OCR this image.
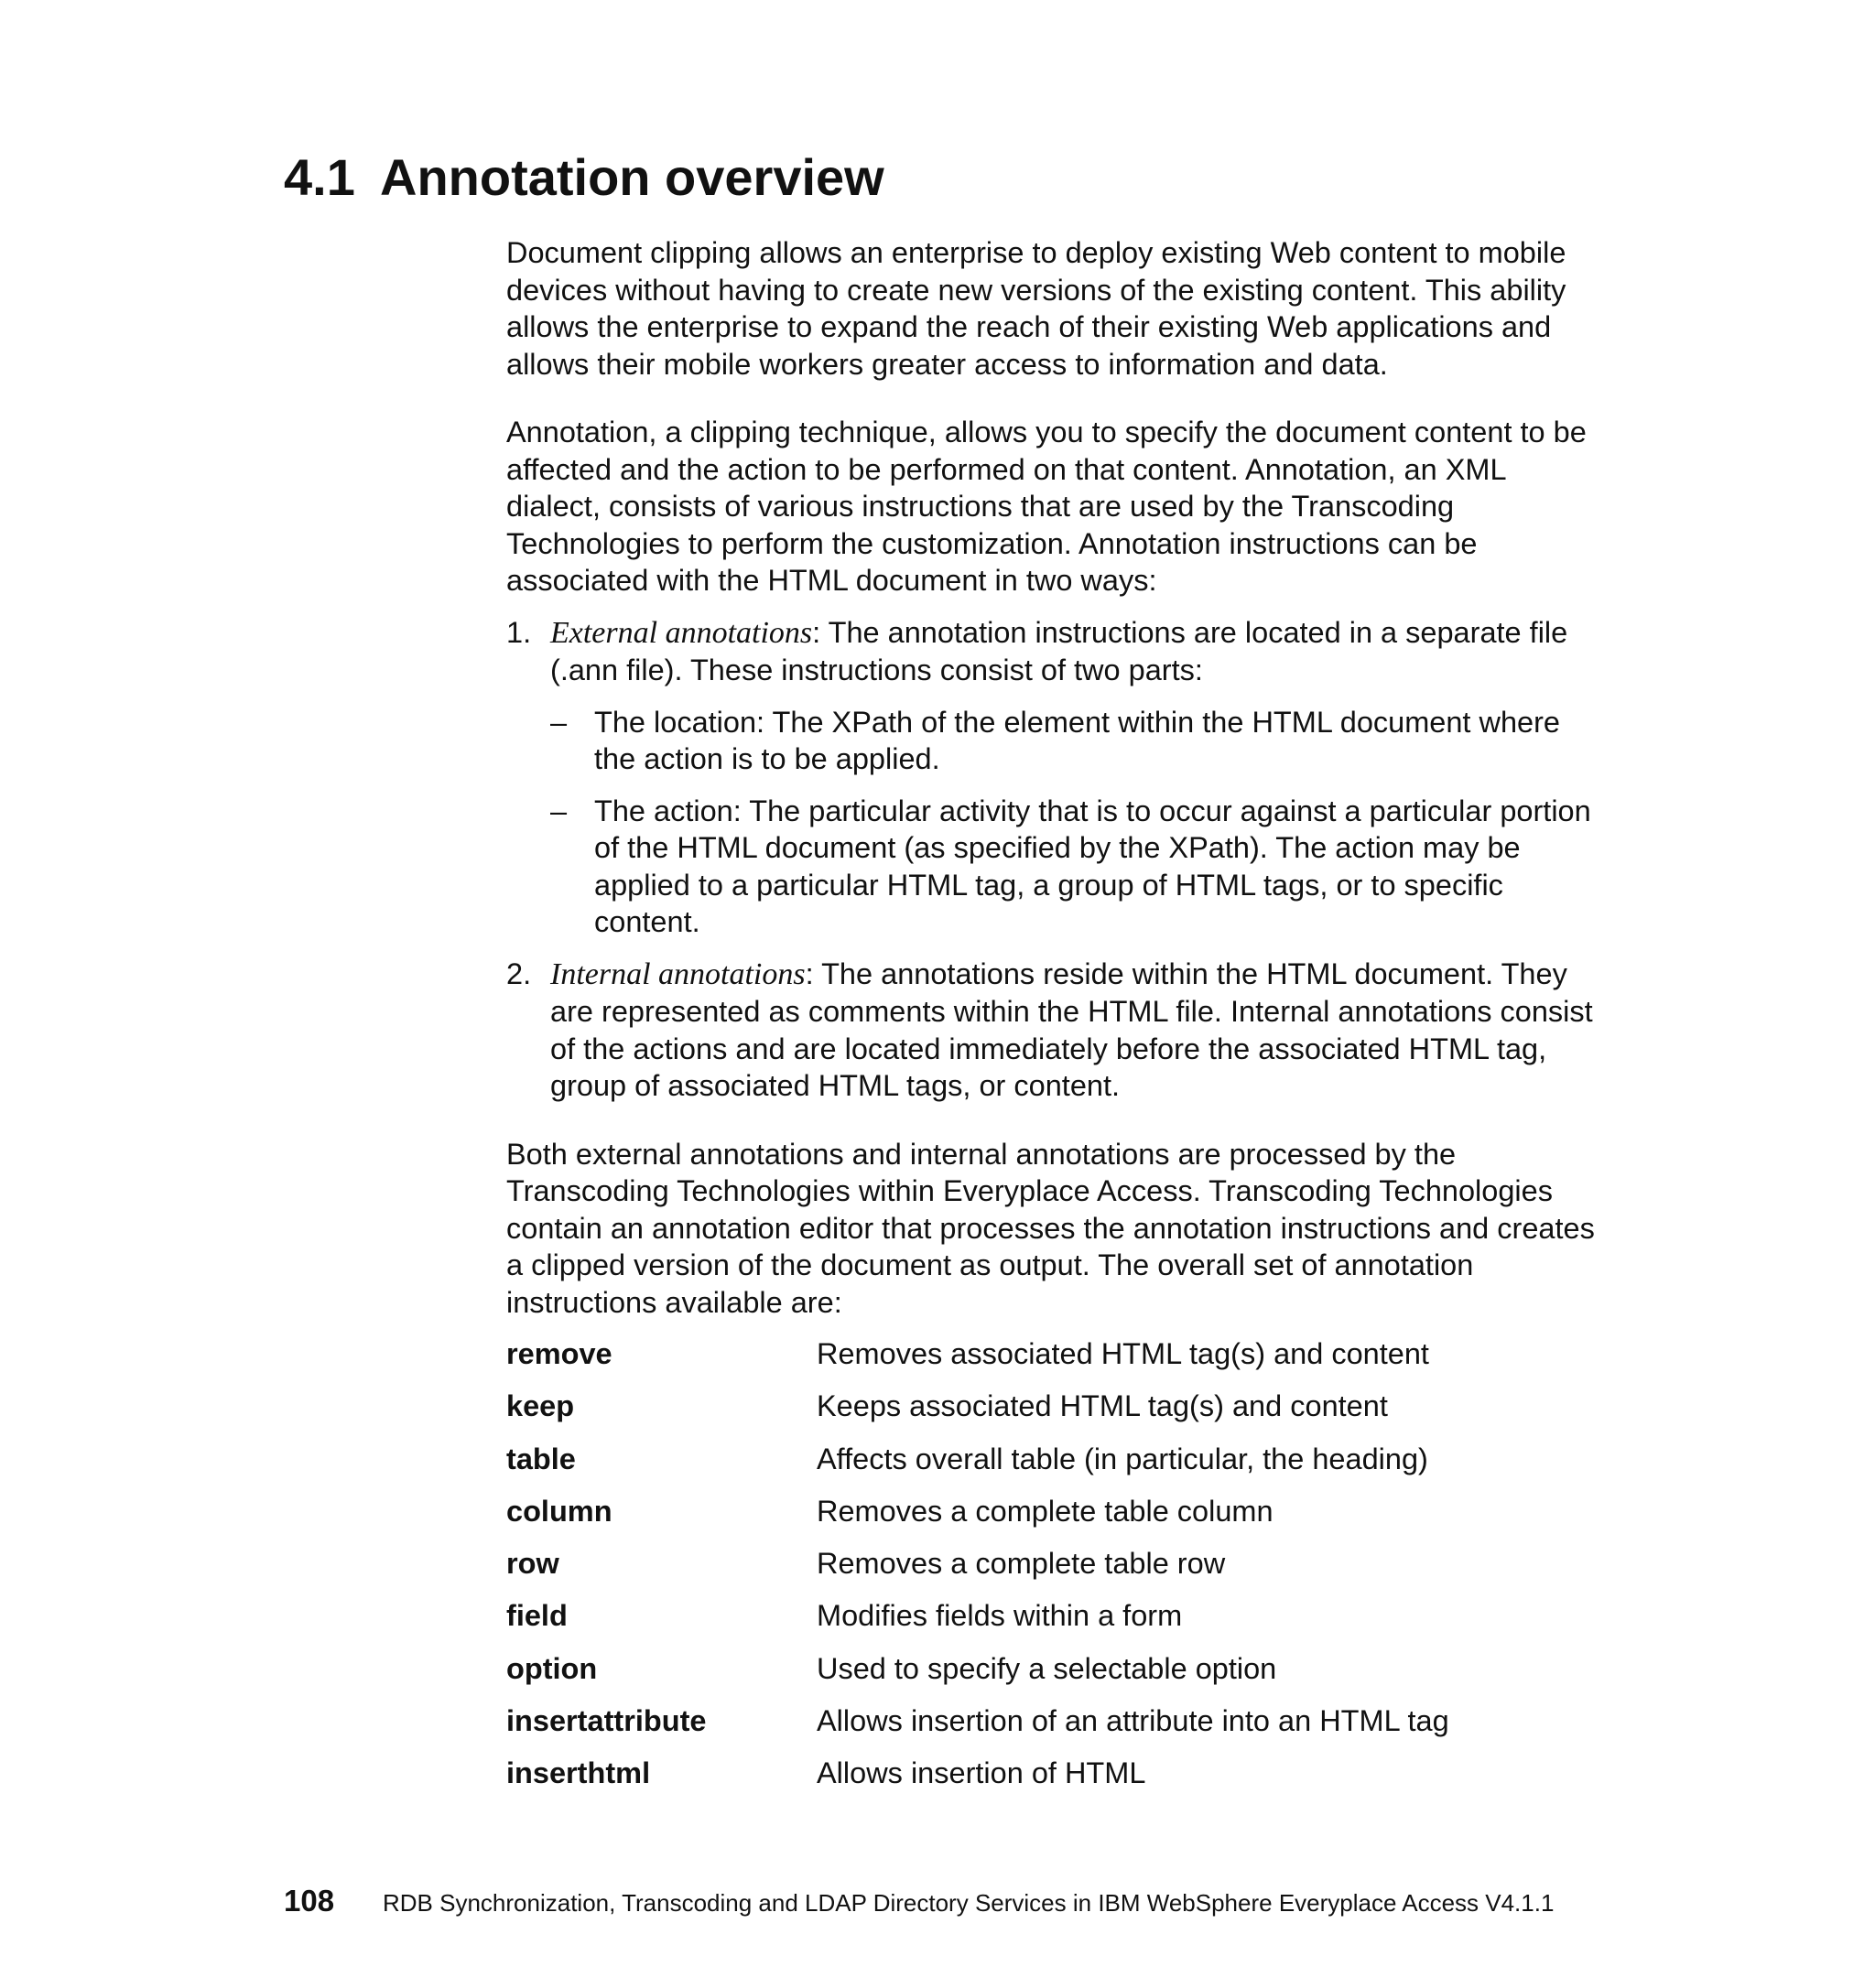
4.1 Annotation overview

Document clipping allows an enterprise to deploy existing Web content to mobile devices without having to create new versions of the existing content. This ability allows the enterprise to expand the reach of their existing Web applications and allows their mobile workers greater access to information and data.

Annotation, a clipping technique, allows you to specify the document content to be affected and the action to be performed on that content. Annotation, an XML dialect, consists of various instructions that are used by the Transcoding Technologies to perform the customization. Annotation instructions can be associated with the HTML document in two ways:

1. External annotations: The annotation instructions are located in a separate file (.ann file). These instructions consist of two parts:
– The location: The XPath of the element within the HTML document where the action is to be applied.
– The action: The particular activity that is to occur against a particular portion of the HTML document (as specified by the XPath). The action may be applied to a particular HTML tag, a group of HTML tags, or to specific content.
2. Internal annotations: The annotations reside within the HTML document. They are represented as comments within the HTML file. Internal annotations consist of the actions and are located immediately before the associated HTML tag, group of associated HTML tags, or content.

Both external annotations and internal annotations are processed by the Transcoding Technologies within Everyplace Access. Transcoding Technologies contain an annotation editor that processes the annotation instructions and creates a clipped version of the document as output. The overall set of annotation instructions available are:

remove	Removes associated HTML tag(s) and content
keep	Keeps associated HTML tag(s) and content
table	Affects overall table (in particular, the heading)
column	Removes a complete table column
row	Removes a complete table row
field	Modifies fields within a form
option	Used to specify a selectable option
insertattribute	Allows insertion of an attribute into an HTML tag
inserthtml	Allows insertion of HTML
108 RDB Synchronization, Transcoding and LDAP Directory Services in IBM WebSphere Everyplace Access V4.1.1
